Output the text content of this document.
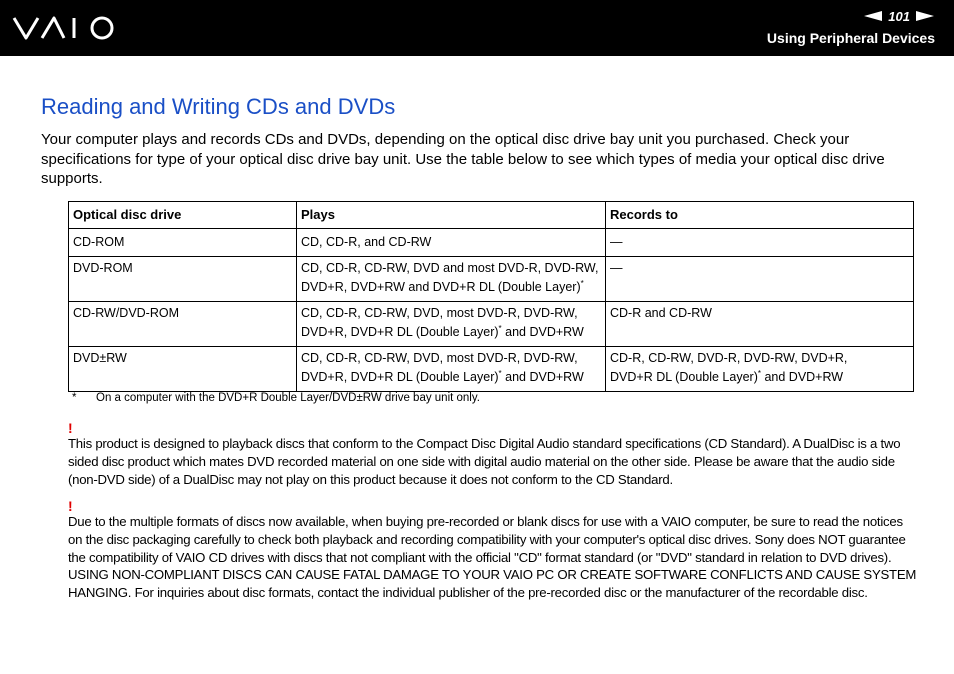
101
Using Peripheral Devices
Reading and Writing CDs and DVDs

Your computer plays and records CDs and DVDs, depending on the optical disc drive bay unit you purchased. Check your specifications for type of your optical disc drive bay unit. Use the table below to see which types of media your optical disc drive supports.

Optical disc drive	Plays	Records to
CD-ROM	CD, CD-R, and CD-RW	—
DVD-ROM	CD, CD-R, CD-RW, DVD and most DVD-R, DVD-RW,
DVD+R, DVD+RW and DVD+R DL (Double Layer)*	—
CD-RW/DVD-ROM	CD, CD-R, CD-RW, DVD, most DVD-R, DVD-RW,
DVD+R, DVD+R DL (Double Layer)* and DVD+RW	CD-R and CD-RW
DVD±RW	CD, CD-R, CD-RW, DVD, most DVD-R, DVD-RW,
DVD+R, DVD+R DL (Double Layer)* and DVD+RW	CD-R, CD-RW, DVD-R, DVD-RW, DVD+R,
DVD+R DL (Double Layer)* and DVD+RW
* On a computer with the DVD+R Double Layer/DVD±RW drive bay unit only.
!

This product is designed to playback discs that conform to the Compact Disc Digital Audio standard specifications (CD Standard). A DualDisc is a two sided disc product which mates DVD recorded material on one side with digital audio material on the other side. Please be aware that the audio side (non-DVD side) of a DualDisc may not play on this product because it does not conform to the CD Standard.

!

Due to the multiple formats of discs now available, when buying pre-recorded or blank discs for use with a VAIO computer, be sure to read the notices on the disc packaging carefully to check both playback and recording compatibility with your computer's optical disc drives. Sony does NOT guarantee the compatibility of VAIO CD drives with discs that not compliant with the official "CD" format standard (or "DVD" standard in relation to DVD drives). USING NON-COMPLIANT DISCS CAN CAUSE FATAL DAMAGE TO YOUR VAIO PC OR CREATE SOFTWARE CONFLICTS AND CAUSE SYSTEM HANGING. For inquiries about disc formats, contact the individual publisher of the pre-recorded disc or the manufacturer of the recordable disc.
